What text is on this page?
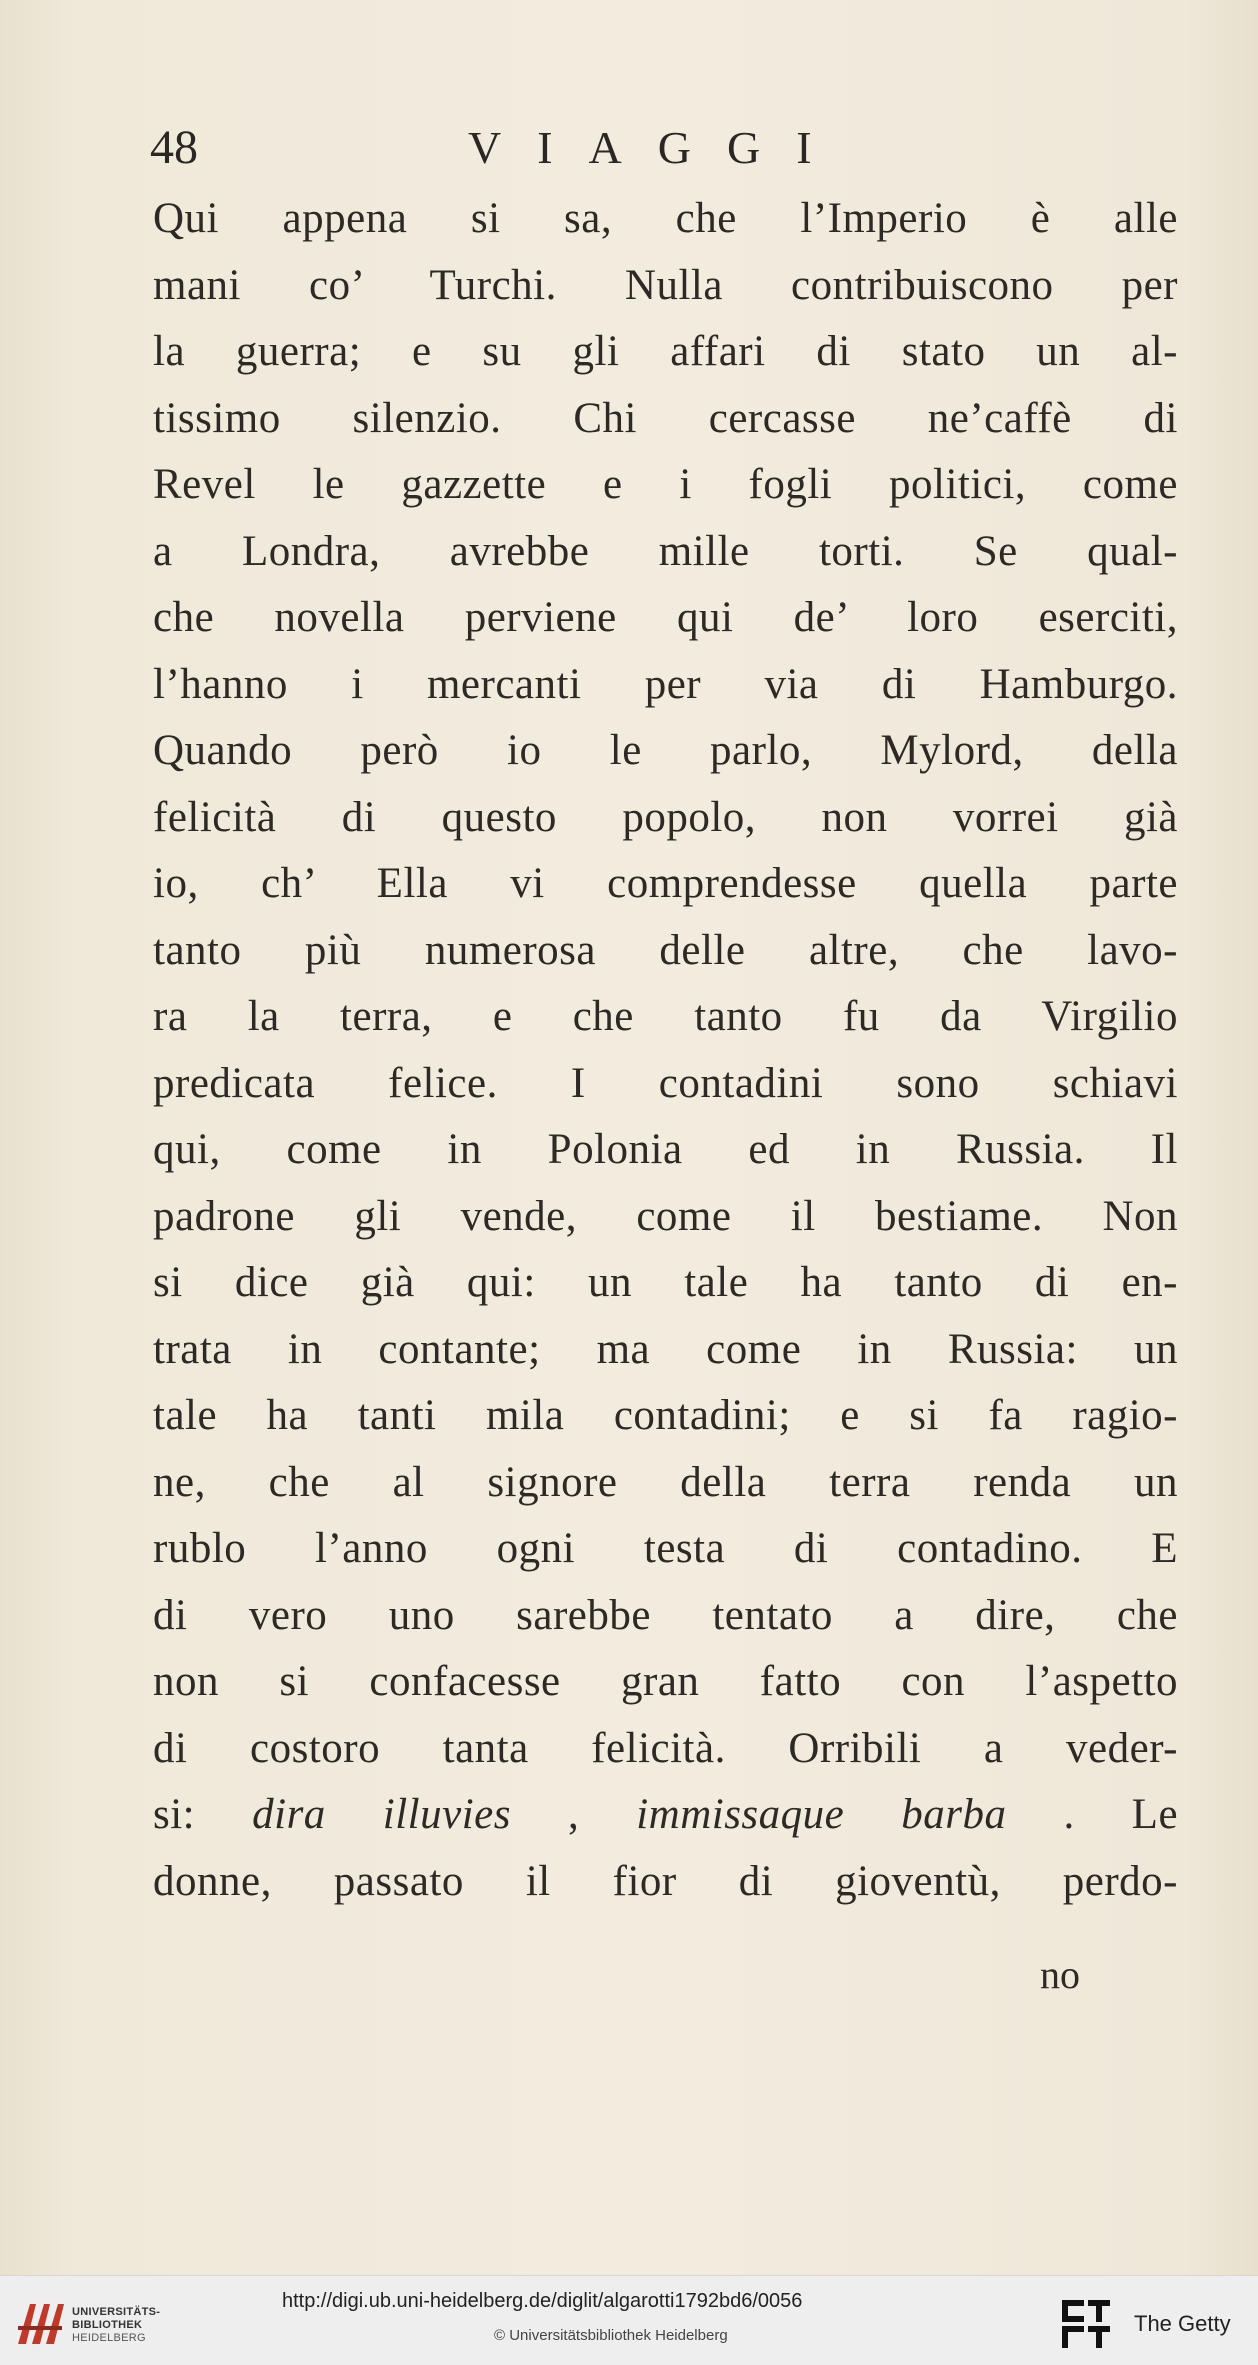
48	VIAGGI
Qui appena si sa, che l’Imperio è alle
mani co’ Turchi. Nulla contribuiscono per
la guerra; e su gli affari di stato un al-
tissimo silenzio. Chi cercasse ne’caffè di
Revel le gazzette e i fogli politici, come
a Londra, avrebbe mille torti. Se qual-
che novella perviene qui de’ loro eserciti,
l’hanno i mercanti per via di Hamburgo.
Quando però io le parlo, Mylord, della
felicità di questo popolo, non vorrei già
io, ch’ Ella vi comprendesse quella parte
tanto più numerosa delle altre, che lavo-
ra la terra, e che tanto fu da Virgilio
predicata felice. I contadini sono schiavi
qui, come in Polonia ed in Russia. Il
padrone gli vende, come il bestiame. Non
si dice già qui: un tale ha tanto di en-
trata in contante; ma come in Russia: un
tale ha tanti mila contadini; e si fa ragio-
ne, che al signore della terra renda un
rublo l’anno ogni testa di contadino. E
di vero uno sarebbe tentato a dire, che
non si confacesse gran fatto con l’aspetto
di costoro tanta felicità. Orribili a veder-
si: dira illuvies , immissaque barba . Le
donne, passato il fior di gioventù, perdo-
no
UNIVERSITÄTS-
BIBLIOTHEK
HEIDELBERG
http://digi.ub.uni-heidelberg.de/diglit/algarotti1792bd6/0056
© Universitätsbibliothek Heidelberg	The Getty
